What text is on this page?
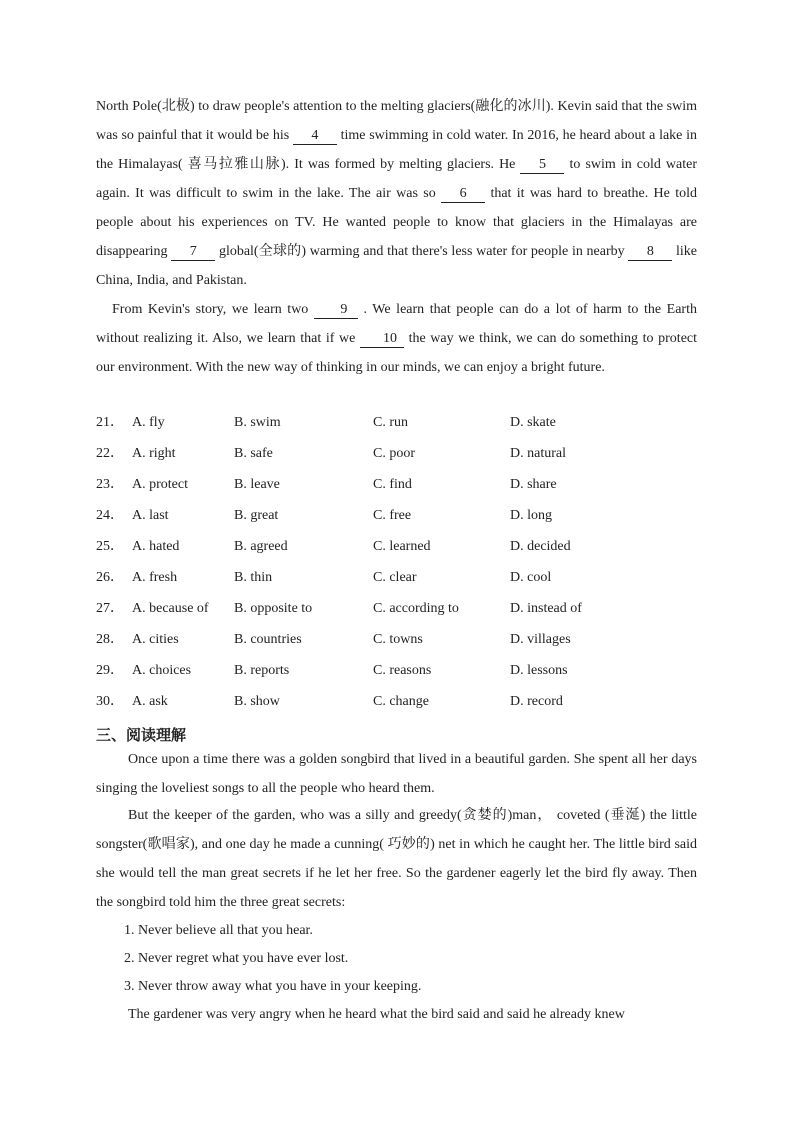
North Pole(北极) to draw people's attention to the melting glaciers(融化的冰川). Kevin said that the swim was so painful that it would be his 4 time swimming in cold water. In 2016, he heard about a lake in the Himalayas( 喜马拉雅山脉). It was formed by melting glaciers. He 5 to swim in cold water again. It was difficult to swim in the lake. The air was so 6 that it was hard to breathe. He told people about his experiences on TV. He wanted people to know that glaciers in the Himalayas are disappearing 7 global(全球的) warming and that there's less water for people in nearby 8 like China, India, and Pakistan.
From Kevin's story, we learn two 9 . We learn that people can do a lot of harm to the Earth without realizing it. Also, we learn that if we 10 the way we think, we can do something to protect our environment. With the new way of thinking in our minds, we can enjoy a bright future.
21． A. fly	B. swim	C. run	D. skate
22． A. right	B. safe	C. poor	D. natural
23． A. protect	B. leave	C. find	D. share
24． A. last	B. great	C. free	D. long
25． A. hated	B. agreed	C. learned	D. decided
26． A. fresh	B. thin	C. clear	D. cool
27． A. because of B. opposite to	C. according to	D. instead of
28． A. cities	B. countries	C. towns	D. villages
29． A. choices	B. reports	C. reasons	D. lessons
30． A. ask	B. show	C. change	D. record
三、阅读理解
Once upon a time there was a golden songbird that lived in a beautiful garden. She spent all her days singing the loveliest songs to all the people who heard them.
But the keeper of the garden, who was a silly and greedy(贪婪的)man， coveted (垂涎) the little songster(歌唱家), and one day he made a cunning( 巧妙的) net in which he caught her. The little bird said she would tell the man great secrets if he let her free. So the gardener eagerly let the bird fly away. Then the songbird told him the three great secrets:
1. Never believe all that you hear.
2. Never regret what you have ever lost.
3. Never throw away what you have in your keeping.
The gardener was very angry when he heard what the bird said and said he already knew
